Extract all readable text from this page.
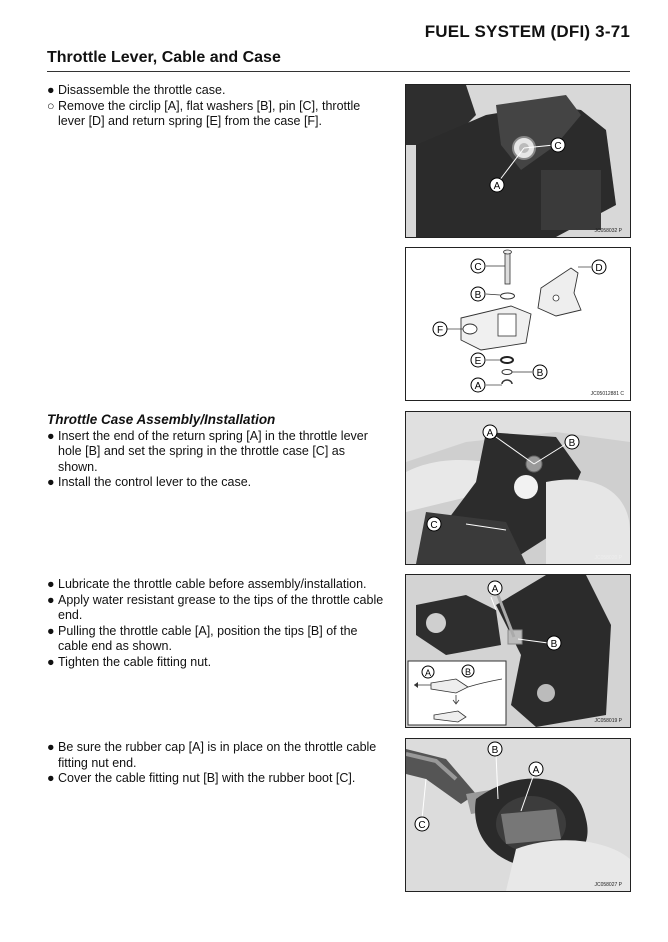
FUEL SYSTEM (DFI) 3-71
Throttle Lever, Cable and Case
● Disassemble the throttle case.
○ Remove the circlip [A], flat washers [B], pin [C], throttle lever [D] and return spring [E] from the case [F].
Throttle Case Assembly/Installation
● Insert the end of the return spring [A] in the throttle lever hole [B] and set the spring in the throttle case [C] as shown.
● Install the control lever to the case.
● Lubricate the throttle cable before assembly/installation.
● Apply water resistant grease to the tips of the throttle cable end.
● Pulling the throttle cable [A], position the tips [B] of the cable end as shown.
● Tighten the cable fitting nut.
● Be sure the rubber cap [A] is in place on the throttle cable fitting nut end.
● Cover the cable fitting nut [B] with the rubber boot [C].
C
A
JC058032 P
C	D
B
F
E
A
B
JC05012881 C
A
B
C
JC058020 P
A
B
A	B
JC058019 P
B
A
C
JC058027 P
